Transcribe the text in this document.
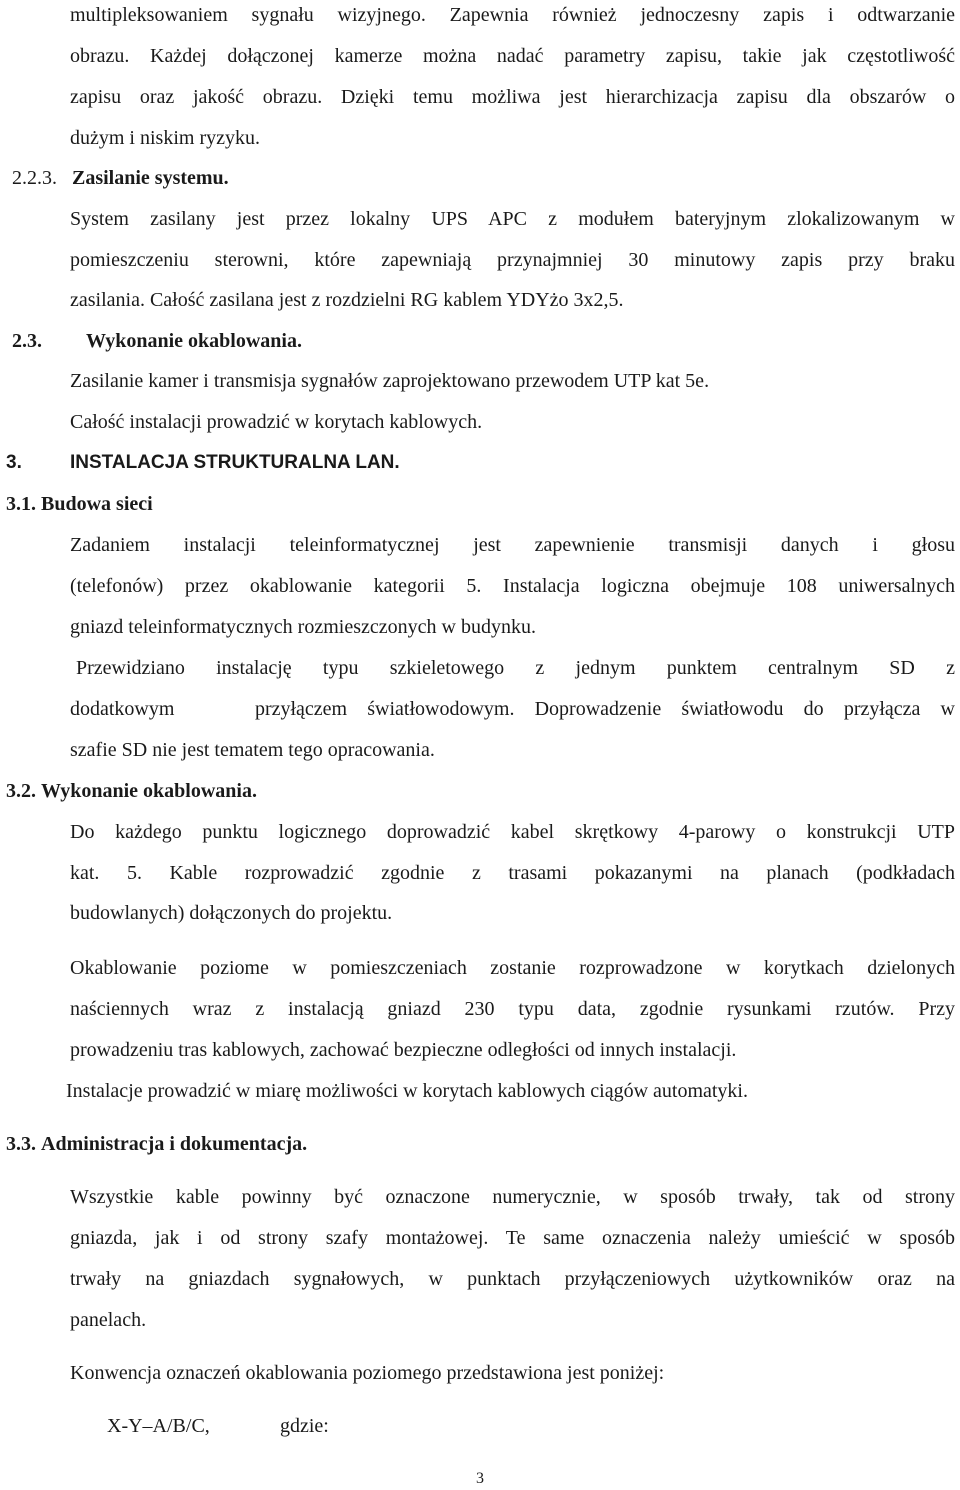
multipleksowaniem sygnału wizyjnego. Zapewnia również jednoczesny zapis i odtwarzanie
obrazu. Każdej dołączonej kamerze można nadać parametry zapisu, takie jak częstotliwość
zapisu oraz jakość obrazu. Dzięki temu możliwa jest hierarchizacja zapisu dla obszarów o
dużym i niskim ryzyku.
2.2.3. Zasilanie systemu.
System zasilany jest przez lokalny UPS APC z modułem bateryjnym zlokalizowanym w
pomieszczeniu sterowni, które zapewniają przynajmniej 30 minutowy zapis przy braku
zasilania. Całość zasilana jest z rozdzielni RG kablem YDYżo 3x2,5.
2.3. Wykonanie okablowania.
Zasilanie kamer i transmisja sygnałów zaprojektowano przewodem UTP kat 5e.
Całość instalacji prowadzić w korytach kablowych.
3.	INSTALACJA STRUKTURALNA LAN.
3.1. Budowa sieci
Zadaniem instalacji teleinformatycznej jest zapewnienie transmisji danych i głosu
(telefonów) przez okablowanie kategorii 5. Instalacja logiczna obejmuje 108 uniwersalnych
gniazd teleinformatycznych rozmieszczonych w budynku.
Przewidziano instalację typu szkieletowego z jednym punktem centralnym SD z
dodatkowym    przyłączem światłowodowym. Doprowadzenie światłowodu do przyłącza w
szafie SD nie jest tematem tego opracowania.
3.2. Wykonanie okablowania.
Do każdego punktu logicznego doprowadzić kabel skrętkowy 4-parowy o konstrukcji UTP
kat. 5. Kable rozprowadzić zgodnie z trasami pokazanymi na planach (podkładach
budowlanych) dołączonych do projektu.
Okablowanie poziome w pomieszczeniach zostanie rozprowadzone w korytkach dzielonych
naściennych wraz z instalacją gniazd 230 typu data, zgodnie rysunkami rzutów. Przy
prowadzeniu tras kablowych, zachować bezpieczne odległości od innych instalacji.
Instalacje prowadzić w miarę możliwości w korytach kablowych ciągów automatyki.
3.3. Administracja i dokumentacja.
Wszystkie kable powinny być oznaczone numerycznie, w sposób trwały, tak od strony
gniazda, jak i od strony szafy montażowej. Te same oznaczenia należy umieścić w sposób
trwały na gniazdach sygnałowych, w punktach przyłączeniowych użytkowników oraz na
panelach.
Konwencja oznaczeń okablowania poziomego przedstawiona jest poniżej:
X-Y–A/B/C,	gdzie:
3
